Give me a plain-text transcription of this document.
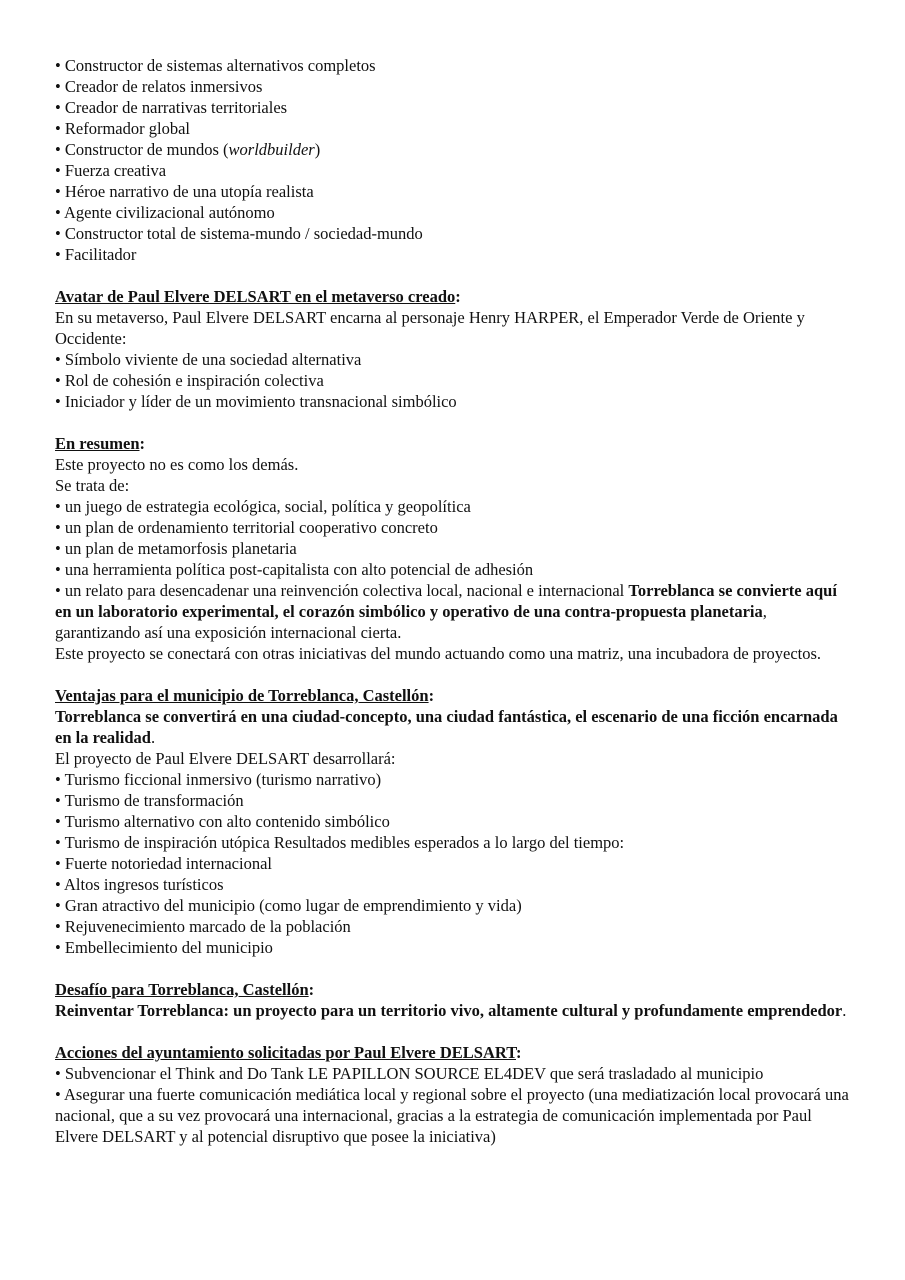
• Constructor de sistemas alternativos completos

• Creador de relatos inmersivos

• Creador de narrativas territoriales

• Reformador global

• Constructor de mundos (worldbuilder)

• Fuerza creativa

• Héroe narrativo de una utopía realista

• Agente civilizacional autónomo

• Constructor total de sistema-mundo / sociedad-mundo

• Facilitador

Avatar de Paul Elvere DELSART en el metaverso creado:

En su metaverso, Paul Elvere DELSART encarna al personaje Henry HARPER, el Emperador Verde de Oriente y Occidente:

• Símbolo viviente de una sociedad alternativa

• Rol de cohesión e inspiración colectiva

• Iniciador y líder de un movimiento transnacional simbólico

En resumen:

Este proyecto no es como los demás.

Se trata de:

• un juego de estrategia ecológica, social, política y geopolítica

• un plan de ordenamiento territorial cooperativo concreto

• un plan de metamorfosis planetaria

• una herramienta política post-capitalista con alto potencial de adhesión

• un relato para desencadenar una reinvención colectiva local, nacional e internacional Torreblanca se convierte aquí en un laboratorio experimental, el corazón simbólico y operativo de una contra-propuesta planetaria, garantizando así una exposición internacional cierta.

Este proyecto se conectará con otras iniciativas del mundo actuando como una matriz, una incubadora de proyectos.

Ventajas para el municipio de Torreblanca, Castellón:

Torreblanca se convertirá en una ciudad-concepto, una ciudad fantástica, el escenario de una ficción encarnada en la realidad.

El proyecto de Paul Elvere DELSART desarrollará:

• Turismo ficcional inmersivo (turismo narrativo)

• Turismo de transformación

• Turismo alternativo con alto contenido simbólico

• Turismo de inspiración utópica Resultados medibles esperados a lo largo del tiempo:

• Fuerte notoriedad internacional

• Altos ingresos turísticos

• Gran atractivo del municipio (como lugar de emprendimiento y vida)

• Rejuvenecimiento marcado de la población

• Embellecimiento del municipio

Desafío para Torreblanca, Castellón:

Reinventar Torreblanca: un proyecto para un territorio vivo, altamente cultural y profundamente emprendedor.

Acciones del ayuntamiento solicitadas por Paul Elvere DELSART:

• Subvencionar el Think and Do Tank LE PAPILLON SOURCE EL4DEV que será trasladado al municipio

• Asegurar una fuerte comunicación mediática local y regional sobre el proyecto (una mediatización local provocará una nacional, que a su vez provocará una internacional, gracias a la estrategia de comunicación implementada por Paul Elvere DELSART y al potencial disruptivo que posee la iniciativa)
